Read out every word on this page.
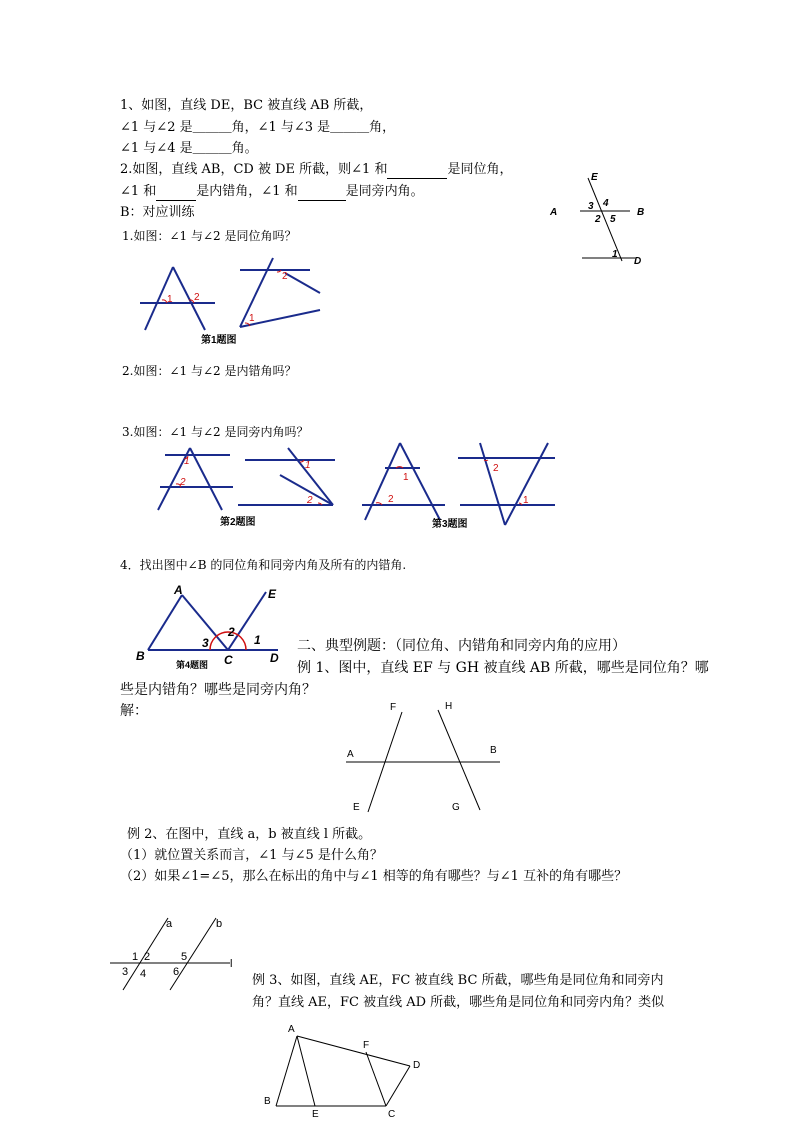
1、如图，直线 DE，BC 被直线 AB 所截，
∠1 与∠2 是＿＿＿角，∠1 与∠3 是＿＿＿角，
∠1 与∠4 是＿＿＿角。
2.如图，直线 AB，CD 被 DE 所截，则∠1 和	是同位角，
∠1 和	是内错角，∠1 和	是同旁内角。
B：对应训练
E
A	B
D
3 4
2 5
1
1.如图：∠1 与∠2 是同位角吗？
1 2
2
1
第1题图
2.如图：∠1 与∠2 是内错角吗？
3.如图：∠1 与∠2 是同旁内角吗？
1
2
1
2
第2题图
1
2
2
1
第3题图
4．找出图中∠B 的同位角和同旁内角及所有的内错角.
A	E
B	C	D
3
2
1
第4题图
二、典型例题：（同位角、内错角和同旁内角的应用）
例 1、图中，直线 EF 与 GH 被直线 AB 所截，哪些是同位角？哪
些是内错角？哪些是同旁内角？
解：	F	H
A	B
E	G
例 2、在图中，直线 a，b 被直线 l 所截。
（1）就位置关系而言，∠1 与∠5 是什么角？
（2）如果∠1=∠5，那么在标出的角中与∠1 相等的角有哪些？与∠1 互补的角有哪些？
a	b
1 2	5
3 4 6
l
例 3、如图，直线 AE，FC 被直线 BC 所截，哪些角是同位角和同旁内
角？直线 AE，FC 被直线 AD 所截，哪些角是同位角和同旁内角？类似
A
F
D
B
E	C
